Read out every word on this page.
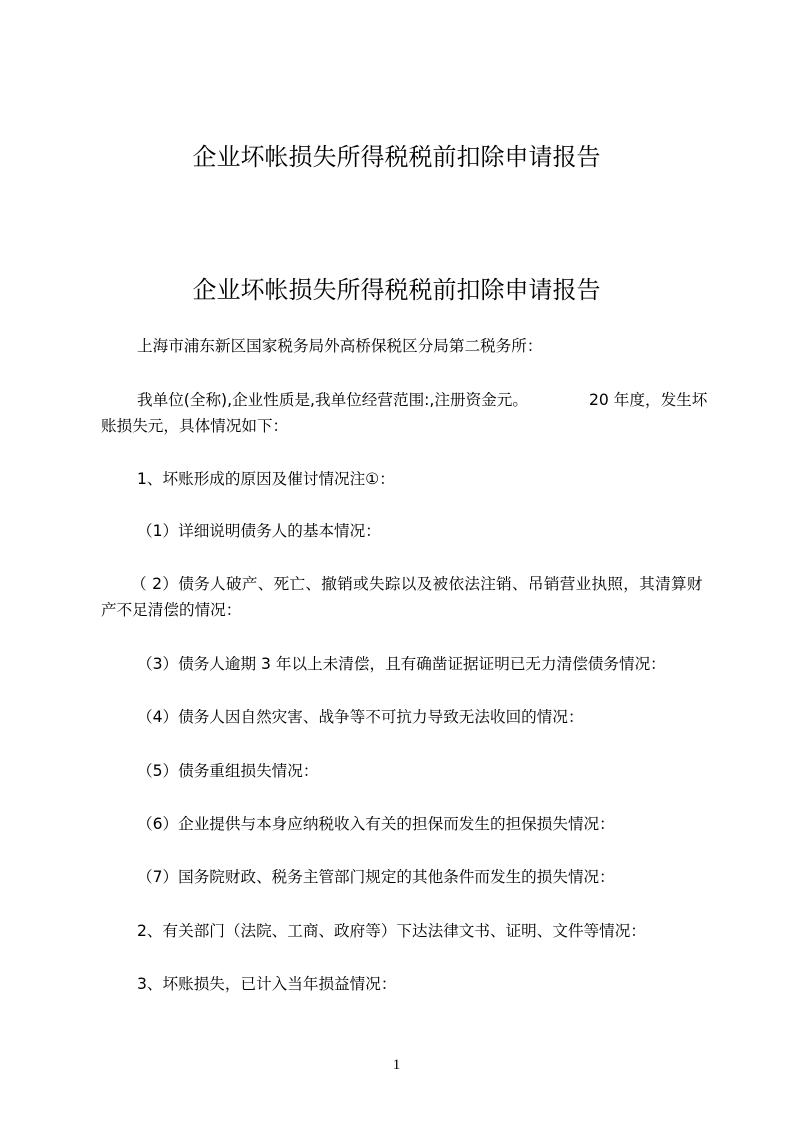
企业坏帐损失所得税税前扣除申请报告
企业坏帐损失所得税税前扣除申请报告
上海市浦东新区国家税务局外高桥保税区分局第二税务所：
我单位(全称),企业性质是,我单位经营范围:,注册资金元。	20 年度，发生坏
账损失元，具体情况如下：
1、坏账形成的原因及催讨情况注①：
（1）详细说明债务人的基本情况：
（ 2）债务人破产、死亡、撤销或失踪以及被依法注销、吊销营业执照，其清算财
产不足清偿的情况：
（3）债务人逾期 3 年以上未清偿，且有确凿证据证明已无力清偿债务情况：
（4）债务人因自然灾害、战争等不可抗力导致无法收回的情况：
（5）债务重组损失情况：
（6）企业提供与本身应纳税收入有关的担保而发生的担保损失情况：
（7）国务院财政、税务主管部门规定的其他条件而发生的损失情况：
2、有关部门（法院、工商、政府等）下达法律文书、证明、文件等情况：
3、坏账损失，已计入当年损益情况：
1
